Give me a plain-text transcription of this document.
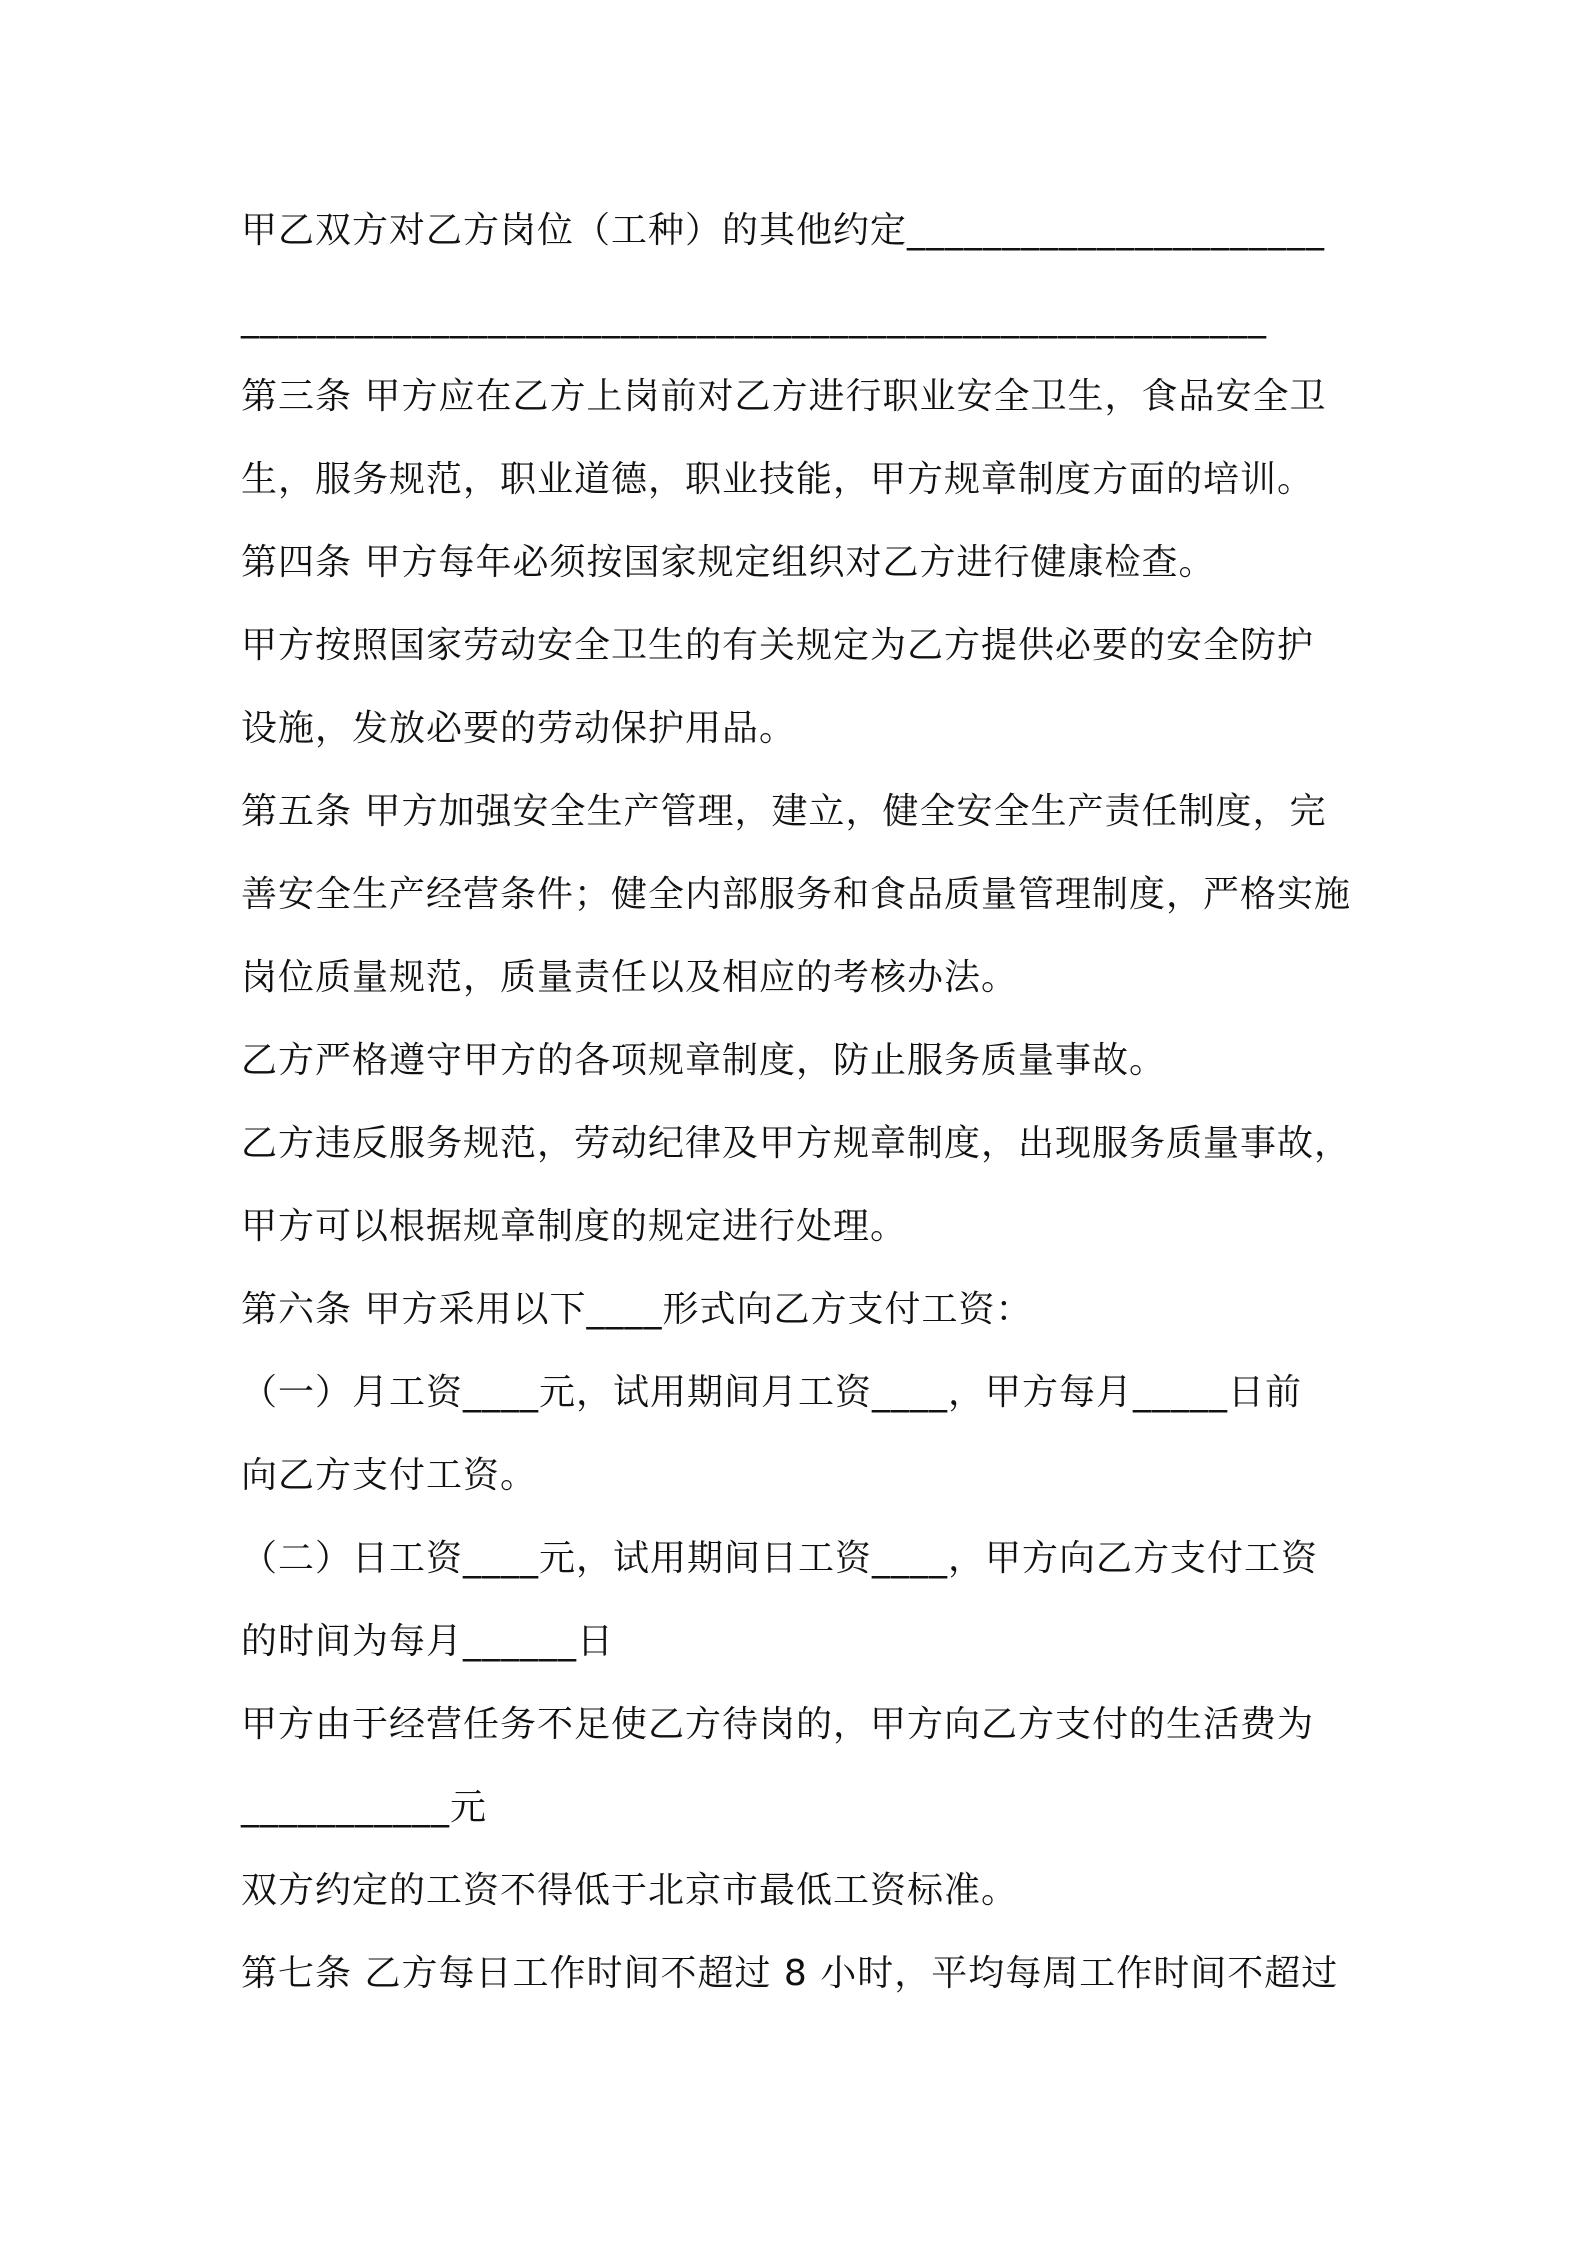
甲乙双方对乙方岗位（工种）的其他约定______________________
______________________________________________________
第三条 甲方应在乙方上岗前对乙方进行职业安全卫生，食品安全卫
生，服务规范，职业道德，职业技能，甲方规章制度方面的培训。
第四条 甲方每年必须按国家规定组织对乙方进行健康检查。
甲方按照国家劳动安全卫生的有关规定为乙方提供必要的安全防护
设施，发放必要的劳动保护用品。
第五条 甲方加强安全生产管理，建立，健全安全生产责任制度，完
善安全生产经营条件；健全内部服务和食品质量管理制度，严格实施
岗位质量规范，质量责任以及相应的考核办法。
乙方严格遵守甲方的各项规章制度，防止服务质量事故。
乙方违反服务规范，劳动纪律及甲方规章制度，出现服务质量事故，
甲方可以根据规章制度的规定进行处理。
第六条 甲方采用以下____形式向乙方支付工资：
（一）月工资____元，试用期间月工资____，甲方每月_____日前
向乙方支付工资。
（二）日工资____元，试用期间日工资____，甲方向乙方支付工资
的时间为每月______日
甲方由于经营任务不足使乙方待岗的，甲方向乙方支付的生活费为
___________元
双方约定的工资不得低于北京市最低工资标准。
第七条 乙方每日工作时间不超过 8 小时，平均每周工作时间不超过
